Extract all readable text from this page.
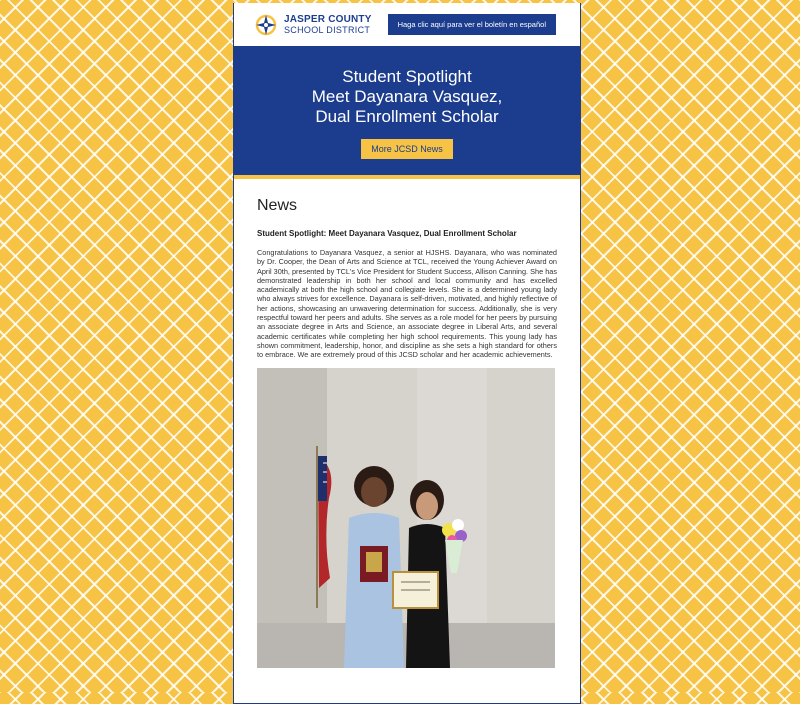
JASPER COUNTY
SCHOOL DISTRICT	Haga clic aquí para ver el boletín en español
Student Spotlight
Meet Dayanara Vasquez,
Dual Enrollment Scholar
More JCSD News
News
Student Spotlight: Meet Dayanara Vasquez, Dual Enrollment Scholar

Congratulations to Dayanara Vasquez, a senior at HJSHS. Dayanara, who was nominated by Dr. Cooper, the Dean of Arts and Science at TCL, received the Young Achiever Award on April 30th, presented by TCL's Vice President for Student Success, Allison Canning. She has demonstrated leadership in both her school and local community and has excelled academically at both the high school and collegiate levels. She is a determined young lady who always strives for excellence. Dayanara is self-driven, motivated, and highly reflective of her actions, showcasing an unwavering determination for success. Additionally, she is very respectful toward her peers and adults. She serves as a role model for her peers by pursuing an associate degree in Arts and Science, an associate degree in Liberal Arts, and several academic certificates while completing her high school requirements. This young lady has shown commitment, leadership, honor, and discipline as she sets a high standard for others to embrace. We are extremely proud of this JCSD scholar and her academic achievements.
